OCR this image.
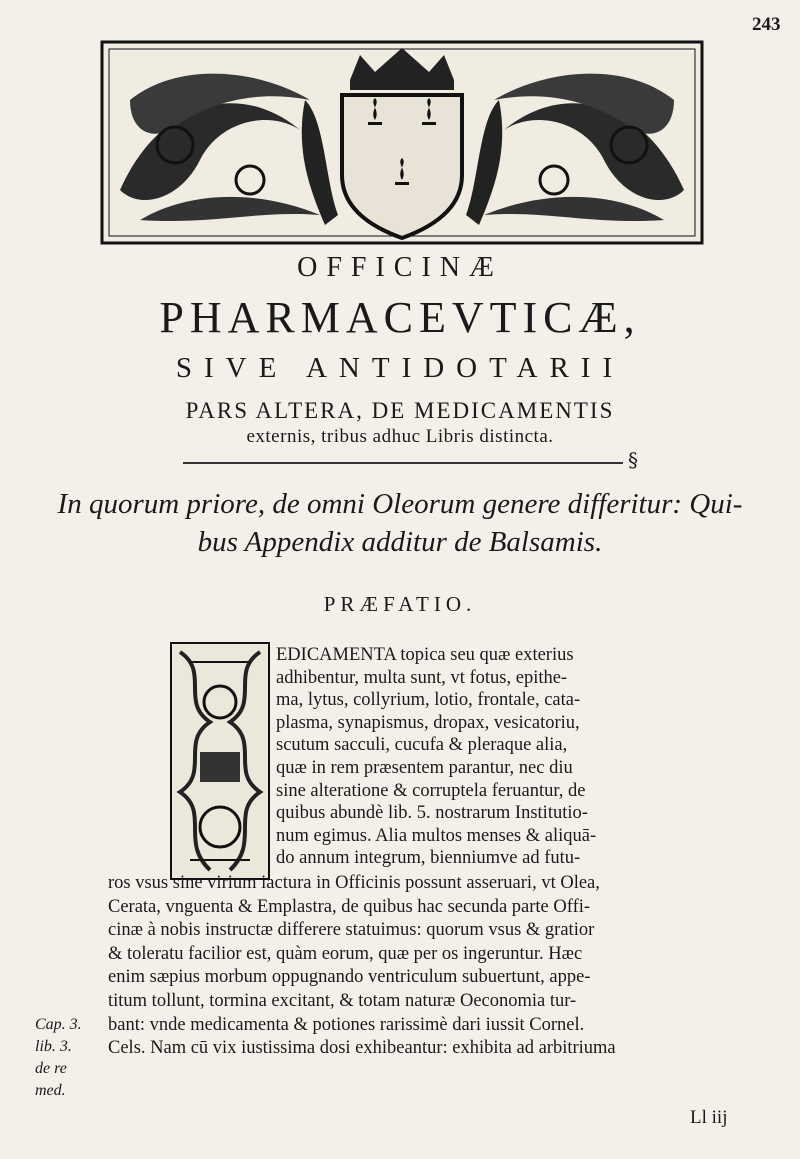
243
OFFICINÆ
PHARMACEVTICÆ,
SIVE ANTIDOTARII
PARS ALTERA, DE MEDICAMENTIS
externis, tribus adhuc Libris distincta.
§
In quorum priore, de omni Oleorum genere differitur: Qui-
bus Appendix additur de Balsamis.
PRÆFATIO.
EDICAMENTA topica seu quæ exterius
adhibentur, multa sunt, vt fotus, epithe-
ma, lytus, collyrium, lotio, frontale, cata-
plasma, synapismus, dropax, vesicatoriu,
scutum sacculi, cucufa & pleraque alia,
quæ in rem præsentem parantur, nec diu
sine alteratione & corruptela feruantur, de
quibus abundè lib. 5. nostrarum Institutio-
num egimus. Alia multos menses & aliquā-
do annum integrum, bienniumve ad futu-
ros vsus sine virium iactura in Officinis possunt asseruari, vt Olea,
Cerata, vnguenta & Emplastra, de quibus hac secunda parte Offi-
cinæ à nobis instructæ differere statuimus: quorum vsus & gratior
& toleratu facilior est, quàm eorum, quæ per os ingeruntur. Hæc
enim sæpius morbum oppugnando ventriculum subuertunt, appe-
titum tollunt, tormina excitant, & totam naturæ Oeconomia tur-
bant: vnde medicamenta & potiones rarissimè dari iussit Cornel.
Cels. Nam cū vix iustissima dosi exhibeantur: exhibita ad arbitriuma
Cap. 3.
lib. 3.
de re
med.
Ll iij
